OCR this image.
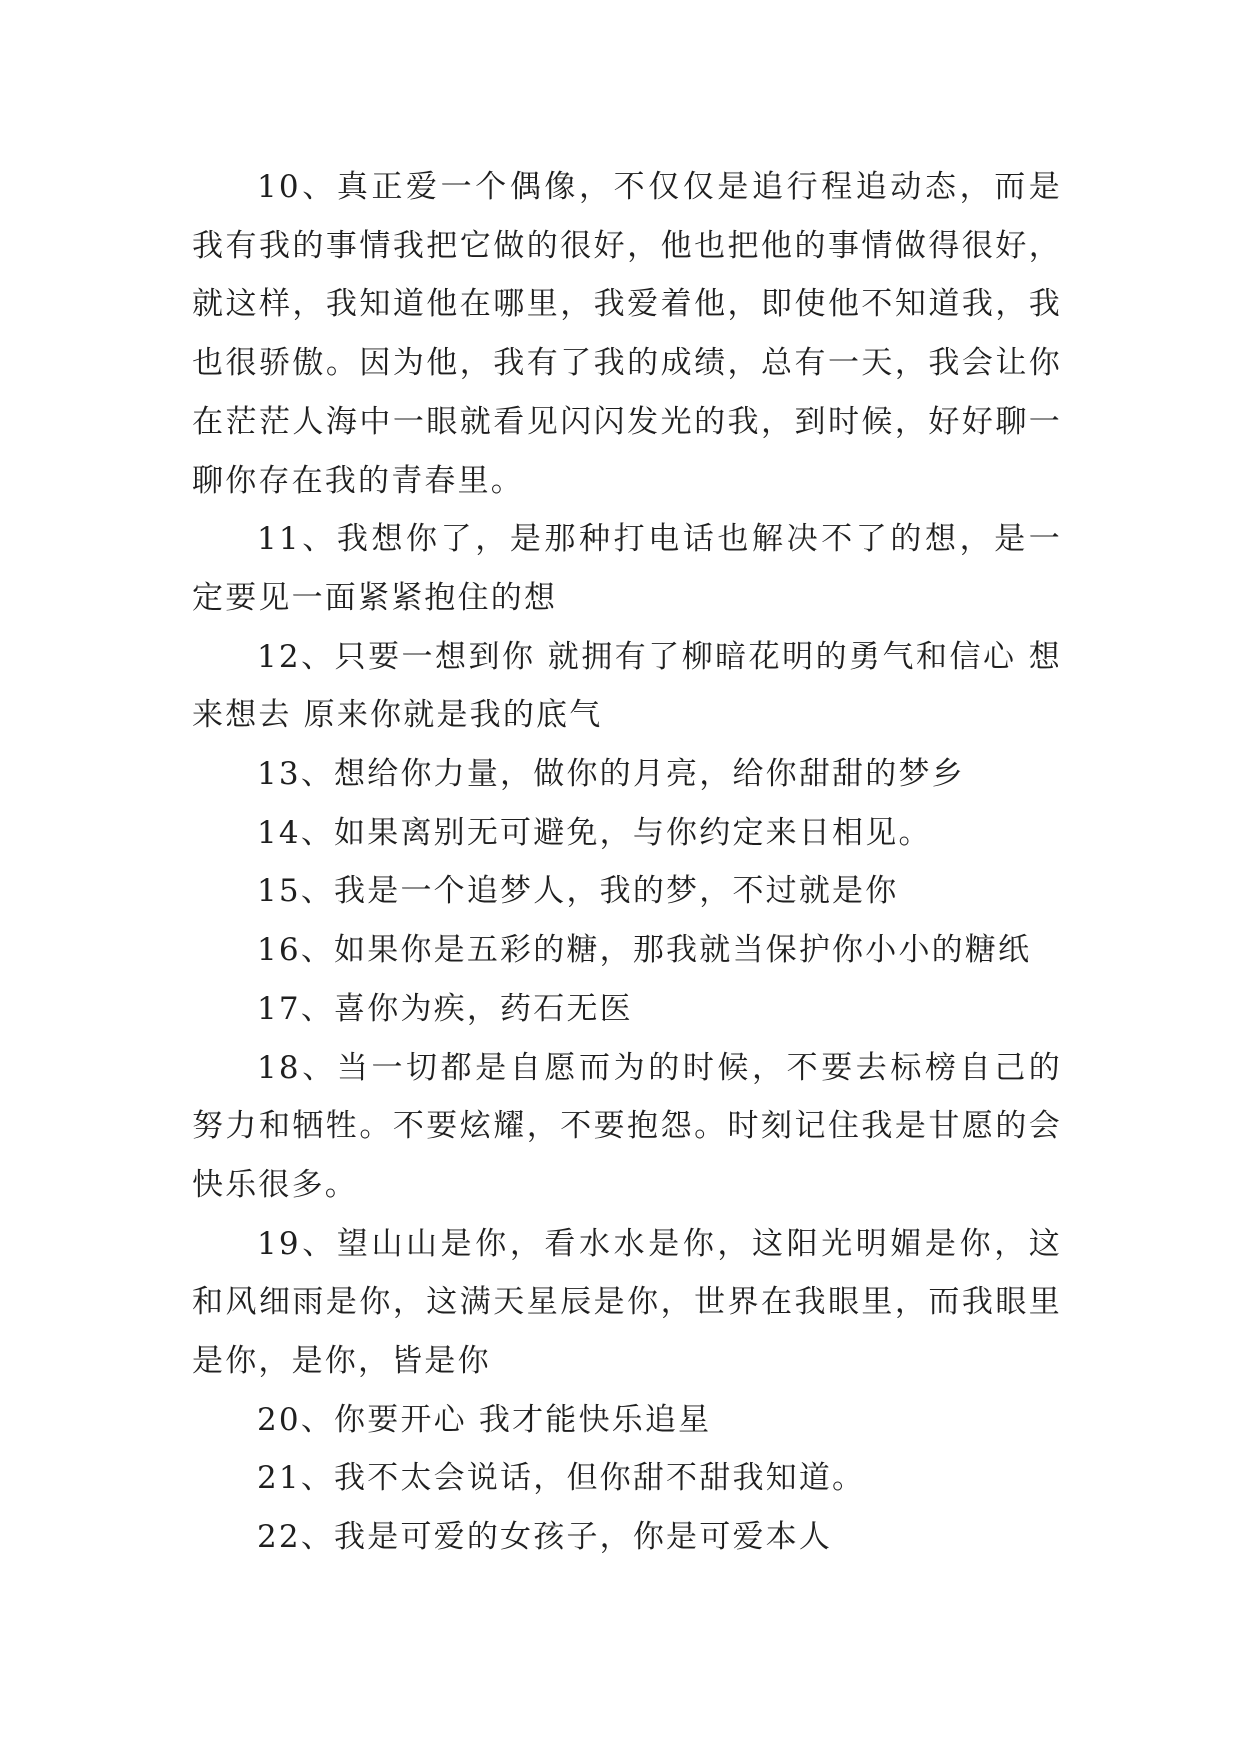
10、真正爱一个偶像，不仅仅是追行程追动态，而是我有我的事情我把它做的很好，他也把他的事情做得很好，就这样，我知道他在哪里，我爱着他，即使他不知道我，我也很骄傲。因为他，我有了我的成绩，总有一天，我会让你在茫茫人海中一眼就看见闪闪发光的我，到时候，好好聊一聊你存在我的青春里。

11、我想你了，是那种打电话也解决不了的想，是一定要见一面紧紧抱住的想

12、只要一想到你 就拥有了柳暗花明的勇气和信心 想来想去 原来你就是我的底气

13、想给你力量，做你的月亮，给你甜甜的梦乡

14、如果离别无可避免，与你约定来日相见。

15、我是一个追梦人，我的梦，不过就是你

16、如果你是五彩的糖，那我就当保护你小小的糖纸

17、喜你为疾，药石无医

18、当一切都是自愿而为的时候，不要去标榜自己的努力和牺牲。不要炫耀，不要抱怨。时刻记住我是甘愿的会快乐很多。

19、望山山是你，看水水是你，这阳光明媚是你，这和风细雨是你，这满天星辰是你，世界在我眼里，而我眼里是你，是你，皆是你

20、你要开心 我才能快乐追星

21、我不太会说话，但你甜不甜我知道。

22、我是可爱的女孩子，你是可爱本人
